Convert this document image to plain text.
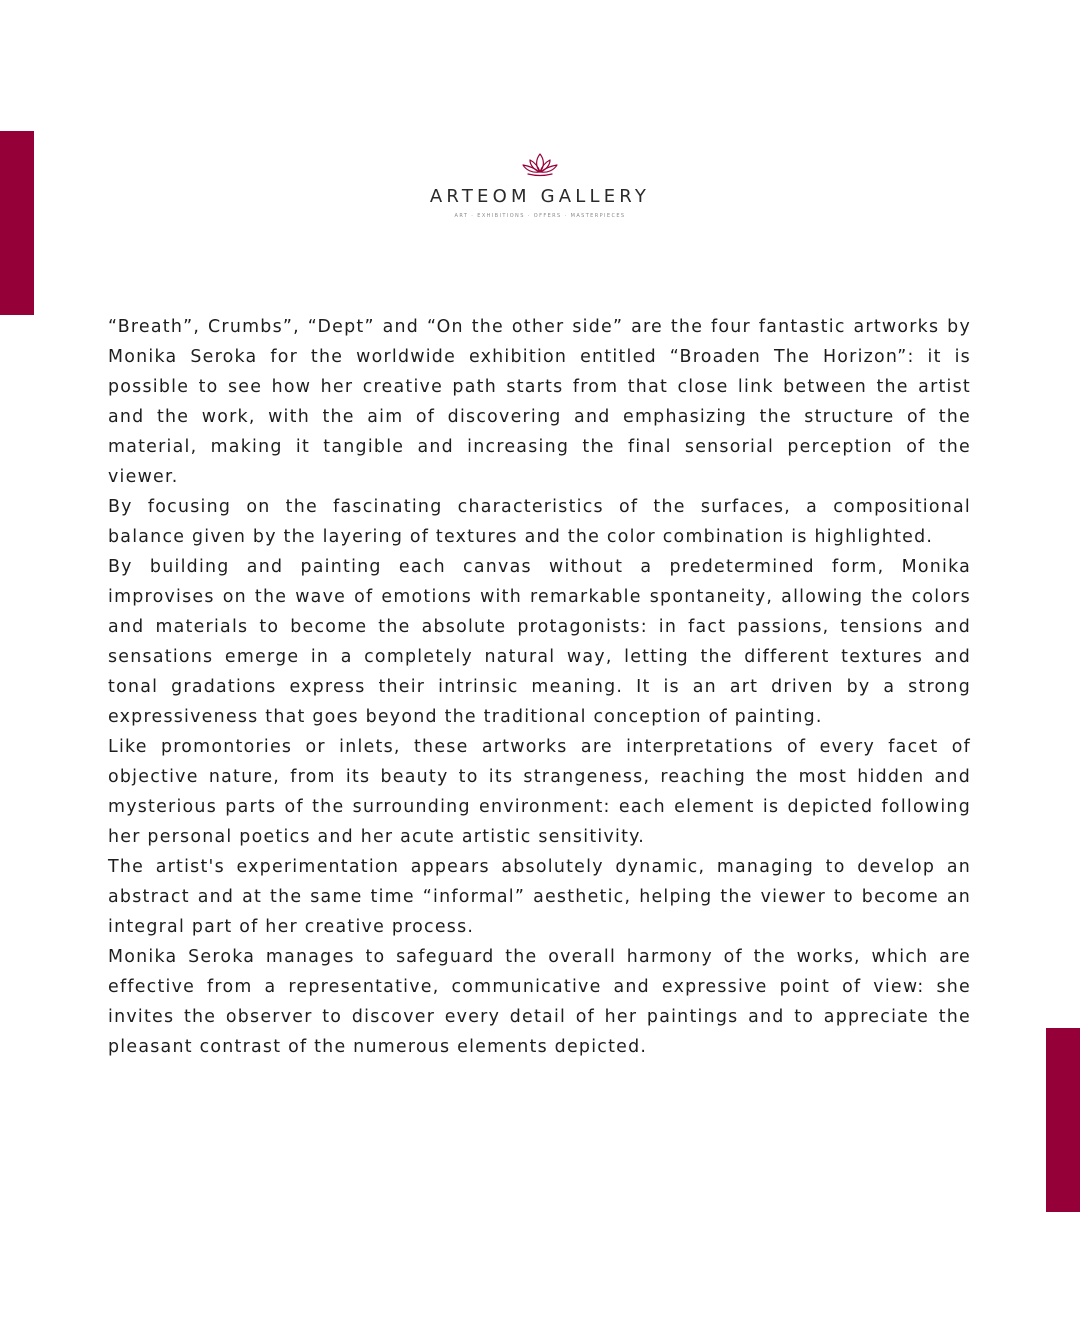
ARTEOM GALLERY
ART · EXHIBITIONS · OFFERS · MASTERPIECES

“Breath”, Crumbs”, “Dept” and “On the other side” are the four fantastic artworks by Monika Seroka for the worldwide exhibition entitled “Broaden The Horizon”: it is possible to see how her creative path starts from that close link between the artist and the work, with the aim of discovering and emphasizing the structure of the material, making it tangible and increasing the final sensorial perception of the viewer.

By focusing on the fascinating characteristics of the surfaces, a compositional balance given by the layering of textures and the color combination is highlighted.

By building and painting each canvas without a predetermined form, Monika improvises on the wave of emotions with remarkable spontaneity, allowing the colors and materials to become the absolute protagonists: in fact passions, tensions and sensations emerge in a completely natural way, letting the different textures and tonal gradations express their intrinsic meaning. It is an art driven by a strong expressiveness that goes beyond the traditional conception of painting.

Like promontories or inlets, these artworks are interpretations of every facet of objective nature, from its beauty to its strangeness, reaching the most hidden and mysterious parts of the surrounding environment: each element is depicted following her personal poetics and her acute artistic sensitivity.

The artist's experimentation appears absolutely dynamic, managing to develop an abstract and at the same time “informal” aesthetic, helping the viewer to become an integral part of her creative process.

Monika Seroka manages to safeguard the overall harmony of the works, which are effective from a representative, communicative and expressive point of view: she invites the observer to discover every detail of her paintings and to appreciate the pleasant contrast of the numerous elements depicted.
